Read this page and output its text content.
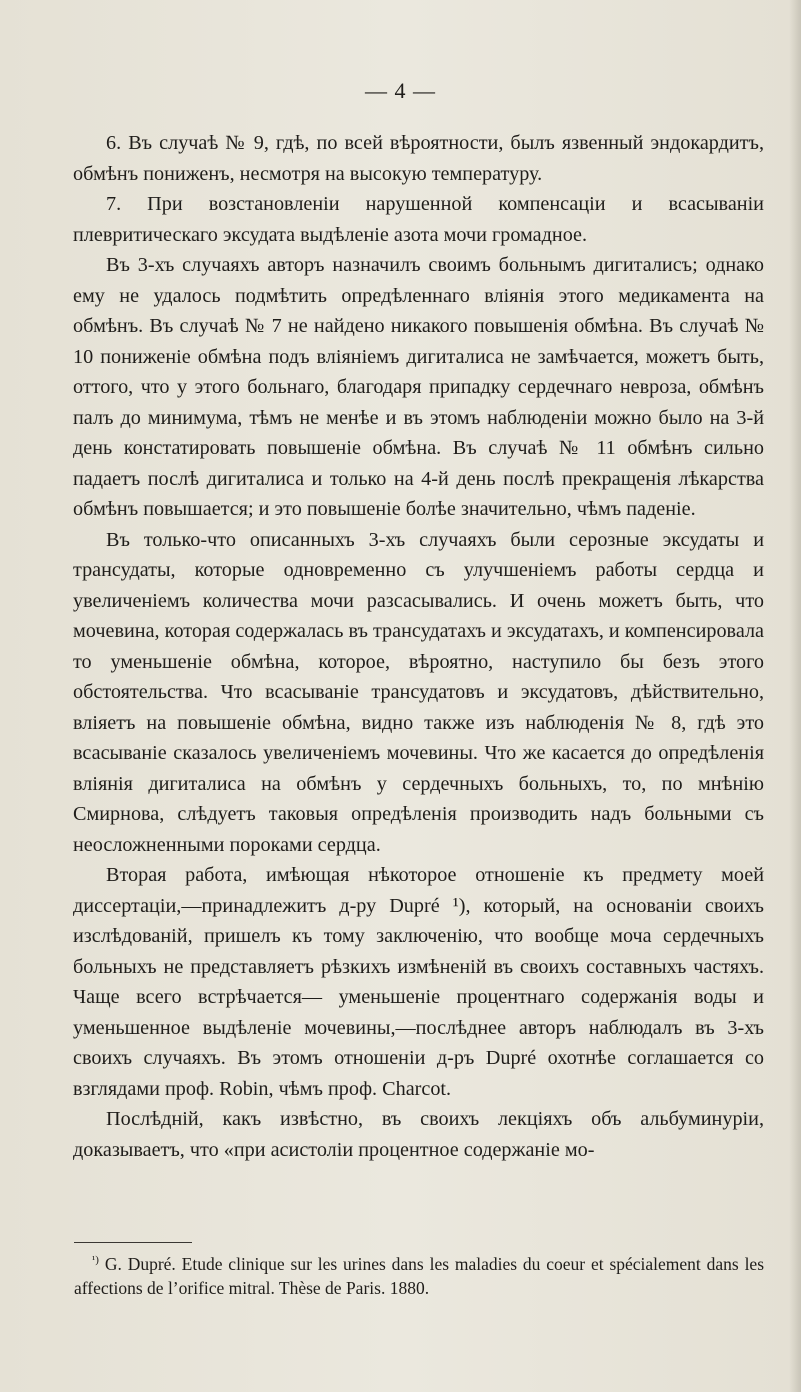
— 4 —

6. Въ случаѣ № 9, гдѣ, по всей вѣроятности, былъ язвенный эндокардитъ, обмѣнъ пониженъ, несмотря на высокую температуру.

7. При возстановленіи нарушенной компенсаціи и всасываніи плевритическаго эксудата выдѣленіе азота мочи громадное.

Въ 3-хъ случаяхъ авторъ назначилъ своимъ больнымъ дигиталисъ; однако ему не удалось подмѣтить опредѣленнаго вліянія этого медикамента на обмѣнъ. Въ случаѣ № 7 не найдено никакого повышенія обмѣна. Въ случаѣ № 10 пониженіе обмѣна подъ вліяніемъ дигиталиса не замѣчается, можетъ быть, оттого, что у этого больнаго, благодаря припадку сердечнаго невроза, обмѣнъ палъ до минимума, тѣмъ не менѣе и въ этомъ наблюденіи можно было на 3-й день констатировать повышеніе обмѣна. Въ случаѣ № 11 обмѣнъ сильно падаетъ послѣ дигиталиса и только на 4-й день послѣ прекращенія лѣкарства обмѣнъ повышается; и это повышеніе болѣе значительно, чѣмъ паденіе.

Въ только-что описанныхъ 3-хъ случаяхъ были серозные эксудаты и трансудаты, которые одновременно съ улучшеніемъ работы сердца и увеличеніемъ количества мочи разсасывались. И очень можетъ быть, что мочевина, которая содержалась въ трансудатахъ и эксудатахъ, и компенсировала то уменьшеніе обмѣна, которое, вѣроятно, наступило бы безъ этого обстоятельства. Что всасываніе трансудатовъ и эксудатовъ, дѣйствительно, вліяетъ на повышеніе обмѣна, видно также изъ наблюденія № 8, гдѣ это всасываніе сказалось увеличеніемъ мочевины. Что же касается до опредѣленія вліянія дигиталиса на обмѣнъ у сердечныхъ больныхъ, то, по мнѣнію Смирнова, слѣдуетъ таковыя опредѣленія производить надъ больными съ неосложненными пороками сердца.

Вторая работа, имѣющая нѣкоторое отношеніе къ предмету моей диссертаціи,—принадлежитъ д-ру Dupré ¹), который, на основаніи своихъ изслѣдованій, пришелъ къ тому заключенію, что вообще моча сердечныхъ больныхъ не представляетъ рѣзкихъ измѣненій въ своихъ составныхъ частяхъ. Чаще всего встрѣчается— уменьшеніе процентнаго содержанія воды и уменьшенное выдѣленіе мочевины,—послѣднее авторъ наблюдалъ въ 3-хъ своихъ случаяхъ. Въ этомъ отношеніи д-ръ Dupré охотнѣе соглашается со взглядами проф. Robin, чѣмъ проф. Charcot.

Послѣдній, какъ извѣстно, въ своихъ лекціяхъ объ альбуминуріи, доказываетъ, что «при асистоліи процентное содержаніе мо-

$^{^1)}$ G. Dupré. Etude clinique sur les urines dans les maladies du coeur et spécialement dans les affections de l’orifice mitral. Thèse de Paris. 1880.
